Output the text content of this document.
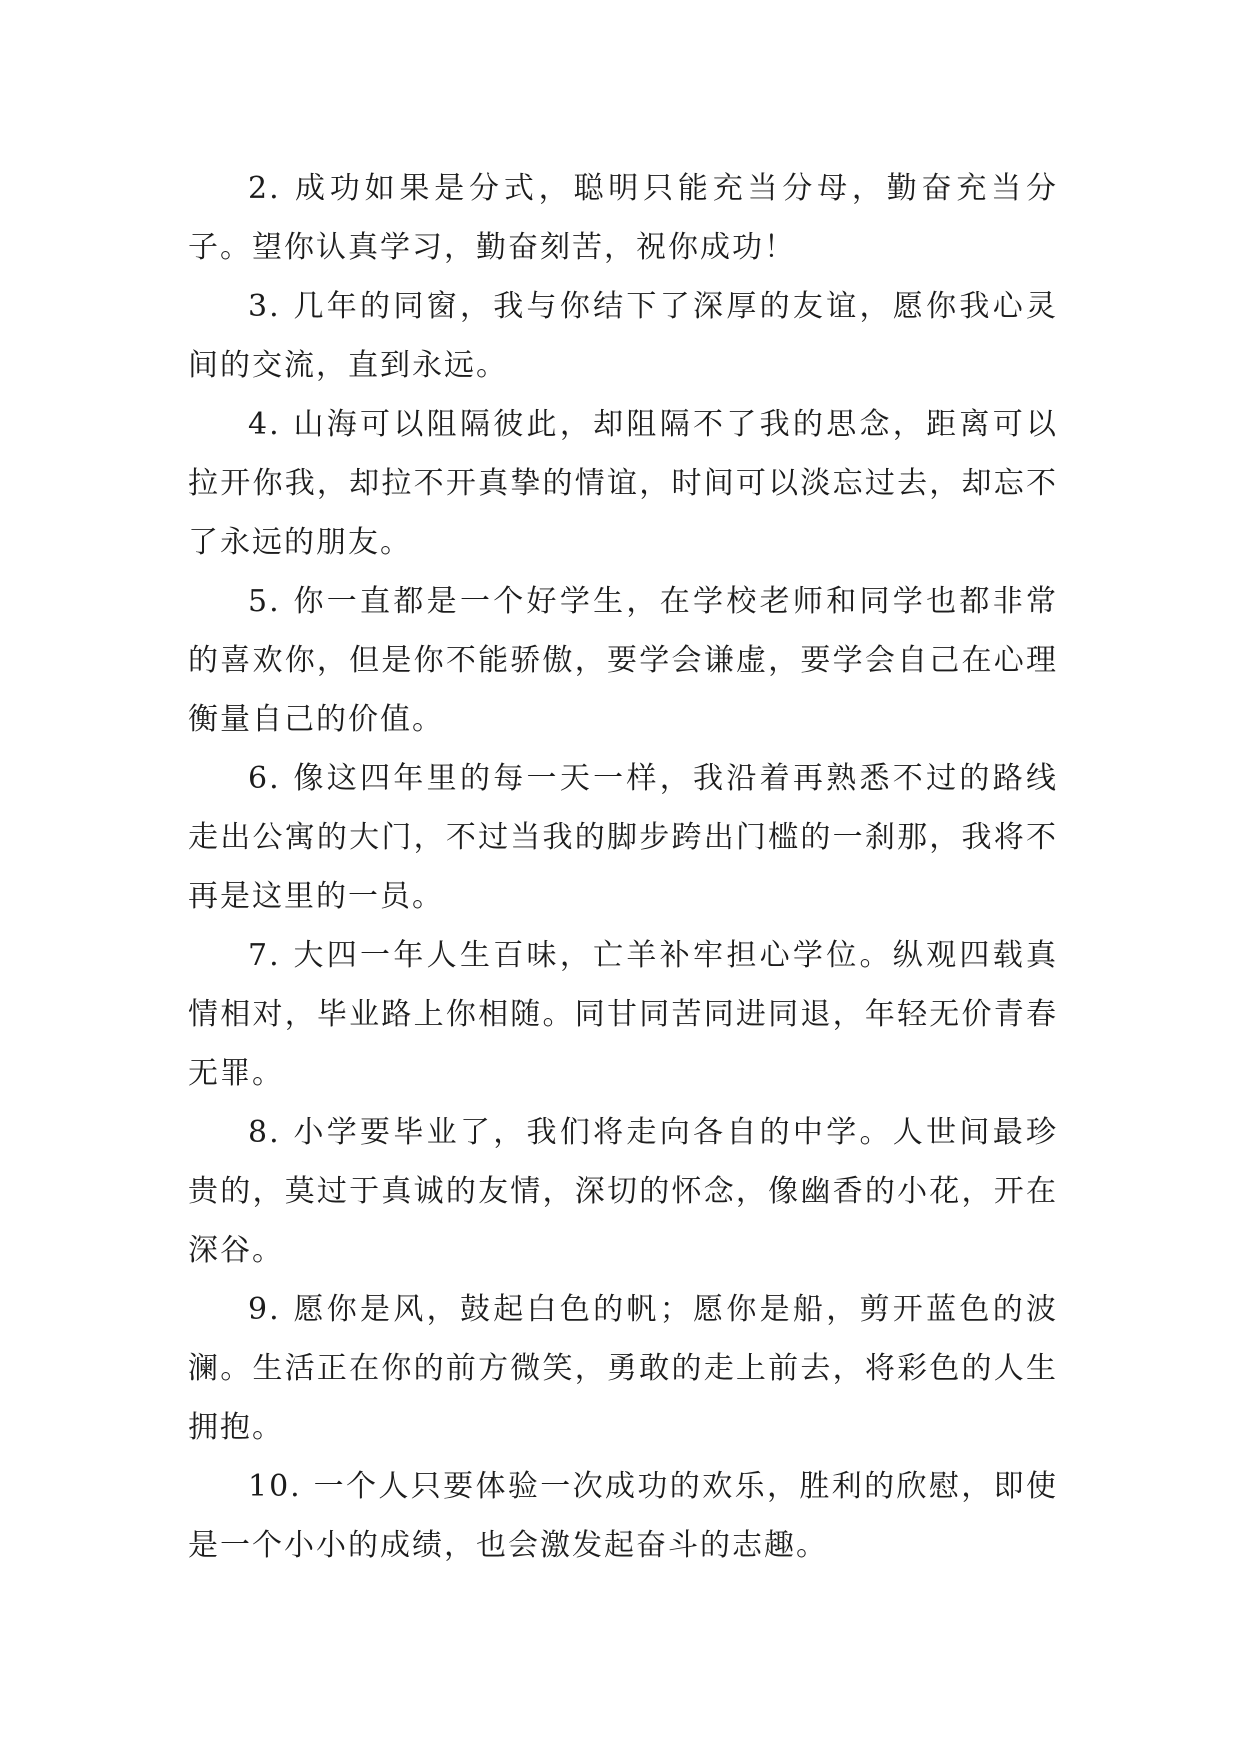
2. 成功如果是分式，聪明只能充当分母，勤奋充当分子。望你认真学习，勤奋刻苦，祝你成功！

3. 几年的同窗，我与你结下了深厚的友谊，愿你我心灵间的交流，直到永远。

4. 山海可以阻隔彼此，却阻隔不了我的思念，距离可以拉开你我，却拉不开真挚的情谊，时间可以淡忘过去，却忘不了永远的朋友。

5. 你一直都是一个好学生，在学校老师和同学也都非常的喜欢你，但是你不能骄傲，要学会谦虚，要学会自己在心理衡量自己的价值。

6. 像这四年里的每一天一样，我沿着再熟悉不过的路线走出公寓的大门，不过当我的脚步跨出门槛的一刹那，我将不再是这里的一员。

7. 大四一年人生百味，亡羊补牢担心学位。纵观四载真情相对，毕业路上你相随。同甘同苦同进同退，年轻无价青春无罪。

8. 小学要毕业了，我们将走向各自的中学。人世间最珍贵的，莫过于真诚的友情，深切的怀念，像幽香的小花，开在深谷。

9. 愿你是风，鼓起白色的帆；愿你是船，剪开蓝色的波澜。生活正在你的前方微笑，勇敢的走上前去，将彩色的人生拥抱。

10. 一个人只要体验一次成功的欢乐，胜利的欣慰，即使是一个小小的成绩，也会激发起奋斗的志趣。
